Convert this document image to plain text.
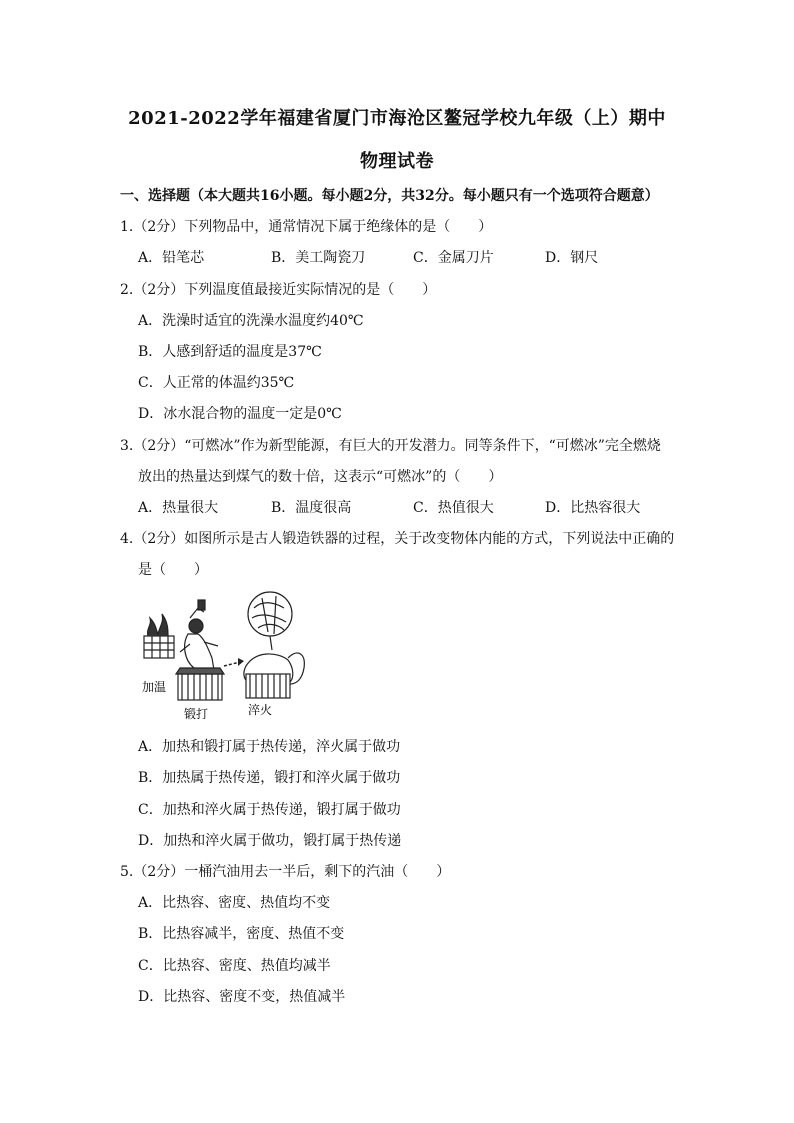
2021-2022学年福建省厦门市海沧区鳌冠学校九年级（上）期中
物理试卷
一、选择题（本大题共16小题。每小题2分，共32分。每小题只有一个选项符合题意）
1.（2分）下列物品中，通常情况下属于绝缘体的是（　　）
A．铅笔芯	B．美工陶瓷刀	C．金属刀片	D．钢尺
2.（2分）下列温度值最接近实际情况的是（　　）
A．洗澡时适宜的洗澡水温度约40℃
B．人感到舒适的温度是37℃
C．人正常的体温约35℃
D．冰水混合物的温度一定是0℃
3.（2分）“可燃冰”作为新型能源，有巨大的开发潜力。同等条件下，“可燃冰”完全燃烧
放出的热量达到煤气的数十倍，这表示“可燃冰”的（　　）
A．热量很大	B．温度很高	C．热值很大	D．比热容很大
4.（2分）如图所示是古人锻造铁器的过程，关于改变物体内能的方式，下列说法中正确的
是（　　）
加温
锻打	淬火
A．加热和锻打属于热传递，淬火属于做功
B．加热属于热传递，锻打和淬火属于做功
C．加热和淬火属于热传递，锻打属于做功
D．加热和淬火属于做功，锻打属于热传递
5.（2分）一桶汽油用去一半后，剩下的汽油（　　）
A．比热容、密度、热值均不变
B．比热容减半，密度、热值不变
C．比热容、密度、热值均减半
D．比热容、密度不变，热值减半
